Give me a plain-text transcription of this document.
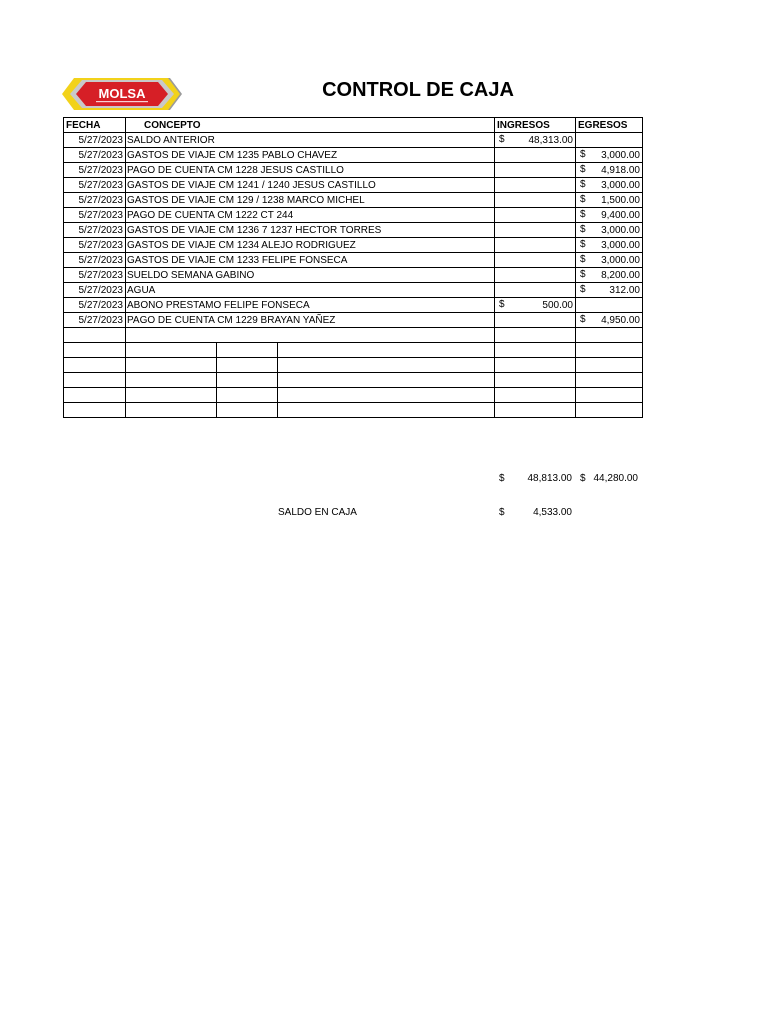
MOLSA	CONTROL DE CAJA
FECHA	CONCEPTO			INGRESOS	EGRESOS
5/27/2023	SALDO ANTERIOR			$ 48,313.00	

5/27/2023	GASTOS DE VIAJE CM 1235 PABLO CHAVEZ				$ 3,000.00

5/27/2023	PAGO DE CUENTA CM 1228 JESUS CASTILLO				$ 4,918.00

5/27/2023	GASTOS DE VIAJE CM 1241 / 1240 JESUS CASTILLO				$ 3,000.00

5/27/2023	GASTOS DE VIAJE CM 129 / 1238 MARCO MICHEL				$ 1,500.00

5/27/2023	PAGO DE CUENTA CM 1222 CT 244				$ 9,400.00

5/27/2023	GASTOS DE VIAJE CM 1236 7 1237 HECTOR TORRES				$ 3,000.00

5/27/2023	GASTOS DE VIAJE CM 1234 ALEJO RODRIGUEZ				$ 3,000.00

5/27/2023	GASTOS DE VIAJE CM 1233 FELIPE FONSECA				$ 3,000.00

5/27/2023	SUELDO SEMANA GABINO				$ 8,200.00

5/27/2023	AGUA				$ 312.00

5/27/2023	ABONO PRESTAMO FELIPE FONSECA			$ 500.00	

5/27/2023	PAGO DE CUENTA CM 1229 BRAYAN YAÑEZ				$ 4,950.00

$	48,813.00 $ 44,280.00
SALDO EN CAJA	$	4,533.00
